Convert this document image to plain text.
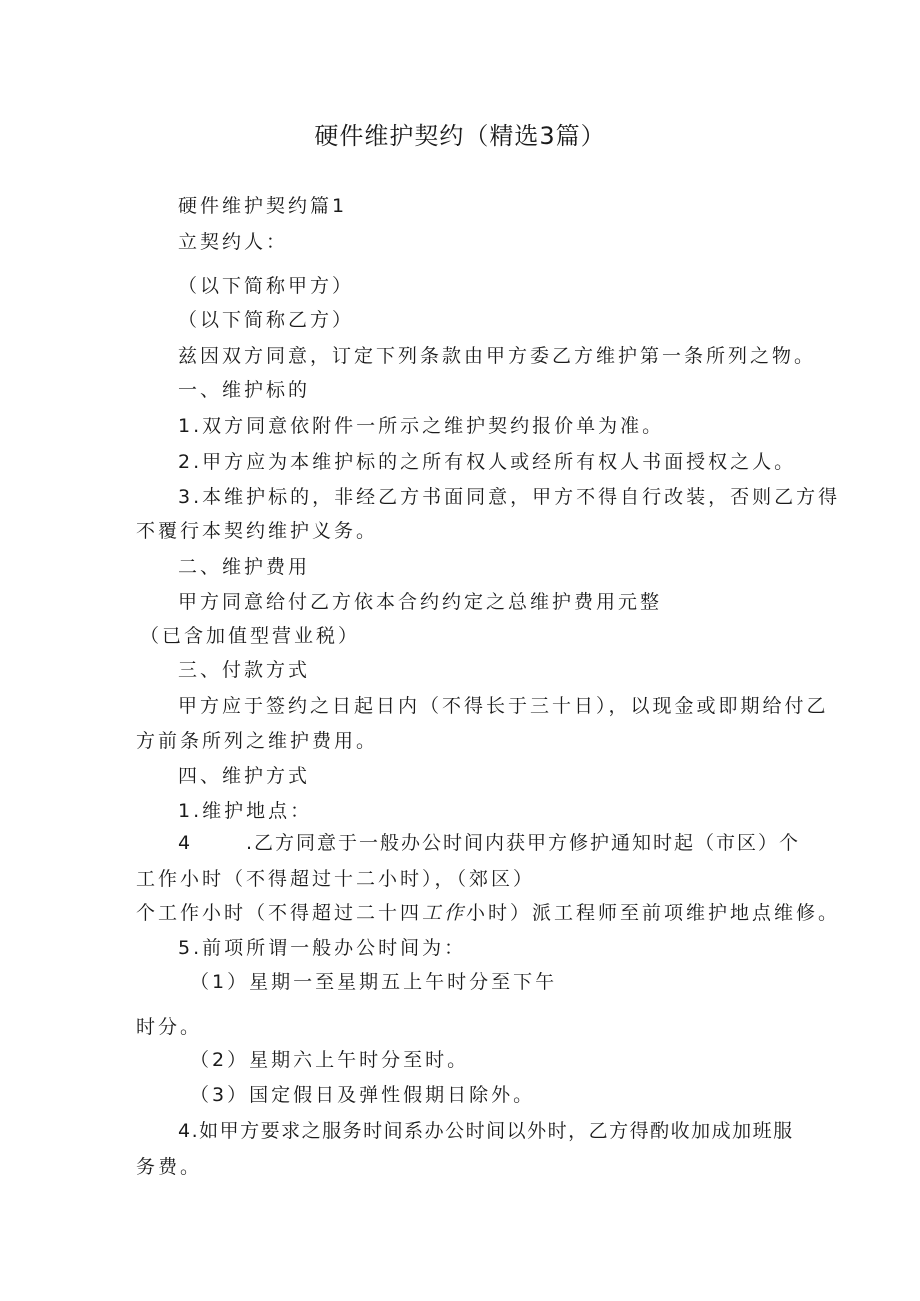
硬件维护契约（精选3篇）

硬件维护契约篇1

立契约人：

（以下简称甲方）

（以下简称乙方）

兹因双方同意，订定下列条款由甲方委乙方维护第一条所列之物。

一、维护标的

1.双方同意依附件一所示之维护契约报价单为准。

2.甲方应为本维护标的之所有权人或经所有权人书面授权之人。

3.本维护标的，非经乙方书面同意，甲方不得自行改装，否则乙方得

不覆行本契约维护义务。

二、维护费用

甲方同意给付乙方依本合约约定之总维护费用元整

（已含加值型营业税）

三、付款方式

甲方应于签约之日起日内（不得长于三十日），以现金或即期给付乙

方前条所列之维护费用。

四、维护方式

1.维护地点：

4	.乙方同意于一般办公时间内获甲方修护通知时起（市区）个

工作小时（不得超过十二小时），（郊区）

个工作小时（不得超过二十四工作小时）派工程师至前项维护地点维修。

5.前项所谓一般办公时间为：

（1）星期一至星期五上午时分至下午

时分。

（2）星期六上午时分至时。

（3）国定假日及弹性假期日除外。

4.如甲方要求之服务时间系办公时间以外时，乙方得酌收加成加班服

务费。
